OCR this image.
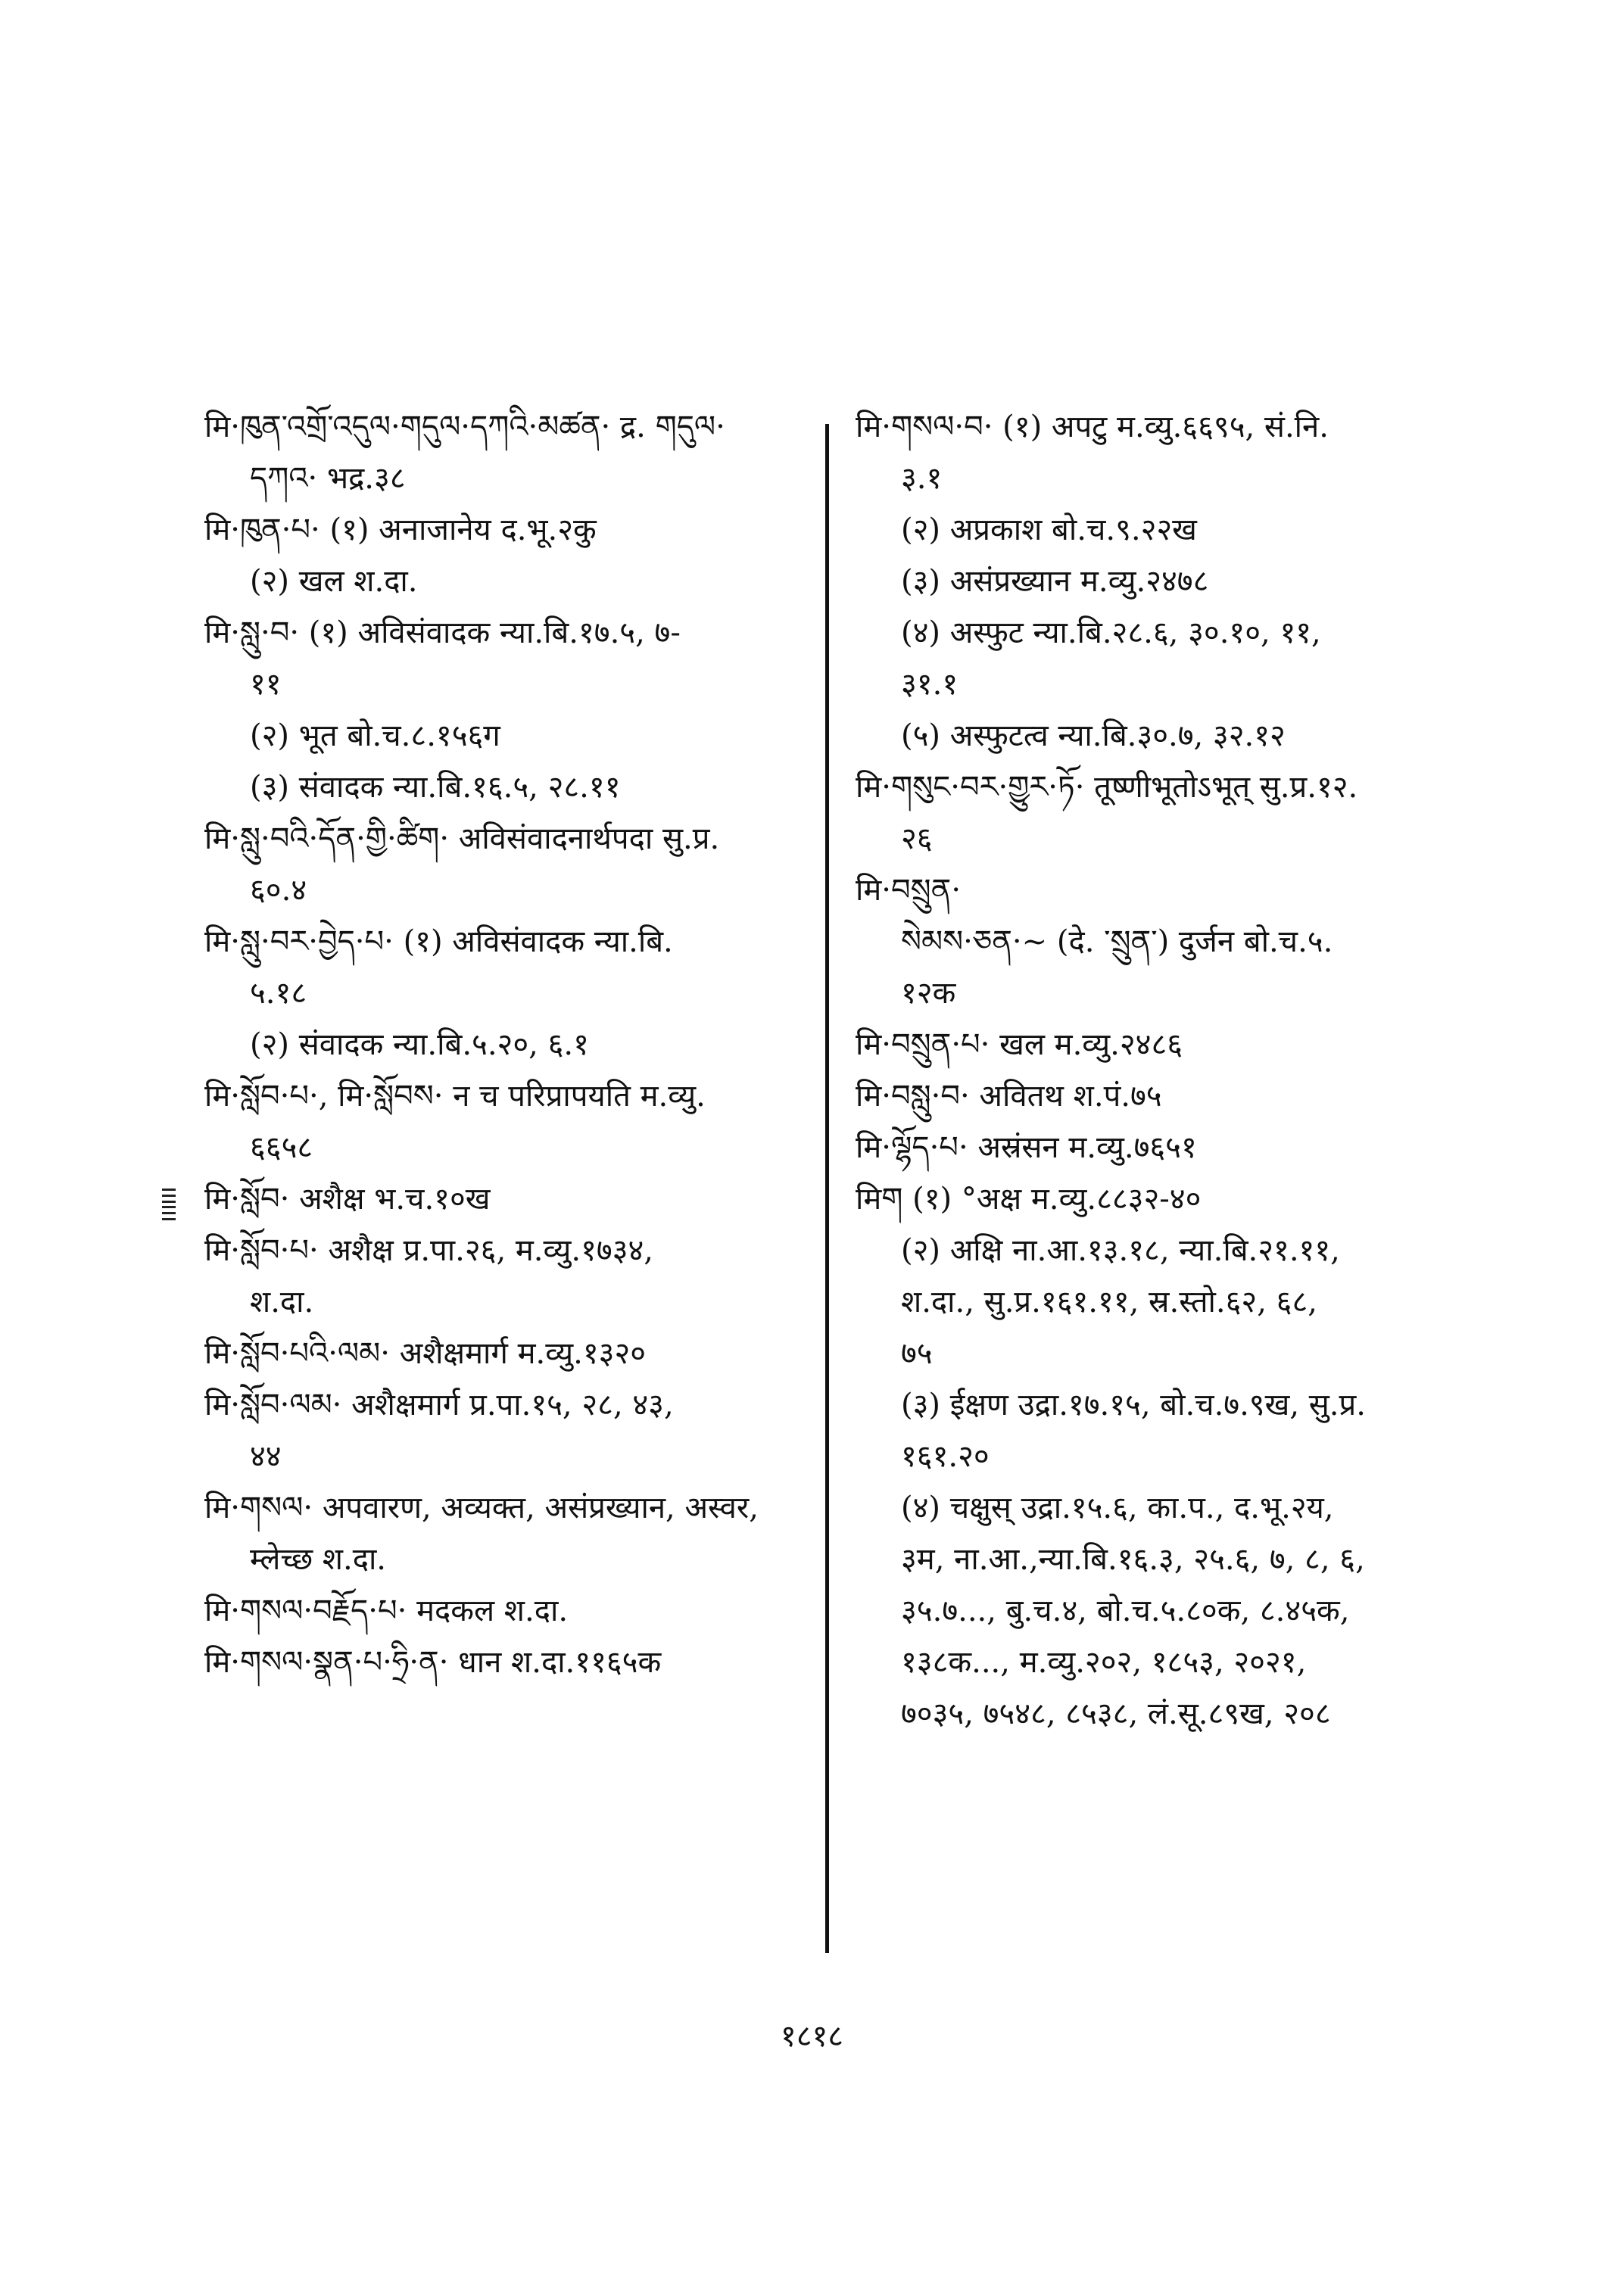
मि·ཁུན་འགྲོ་འདུལ·གདུལ·དཀའི·མཚན· द्र. གདུལ·
དཀའ· भद्र.३८
मि·ཁུན·པ· (१) अनाजानेय द.भू.२कु
(२) खल श.दा.
मि·སླུ·བ· (१) अविसंवादक न्या.बि.१७.५, ७-
११
(२) भूत बो.च.८.१५६ग
(३) संवादक न्या.बि.१६.५, २८.११
मि·སླུ·བའི·དོན·གྱི·ཚིག· अविसंवादनार्थपदा सु.प्र.
६०.४
मि·སླུ·བར·བྱེད·པ· (१) अविसंवादक न्या.बि.
५.१८
(२) संवादक न्या.बि.५.२०, ६.१
मि·སློབ·པ·, मि·སློབས· न च परिप्रापयति म.व्यु.
६६५८
मि·སློབ· अशैक्ष भ.च.१०ख
मि·སློབ·པ· अशैक्ष प्र.पा.२६, म.व्यु.१७३४,
श.दा.
मि·སློབ·པའི·ལམ· अशैक्षमार्ग म.व्यु.१३२०
मि·སློབ·ལམ· अशैक्षमार्ग प्र.पा.१५, २८, ४३,
४४
मि·གསལ· अपवारण, अव्यक्त, असंप्रख्यान, अस्वर,
म्लेच्छ श.दा.
मि·གསལ·བརྗོད·པ· मदकल श.दा.
मि·གསལ·སྣན·པ·ཧྲི·ན· धान श.दा.११६५क
मि·གསལ·བ· (१) अपटु म.व्यु.६६९५, सं.नि.
३.१
(२) अप्रकाश बो.च.९.२२ख
(३) असंप्रख्यान म.व्यु.२४७८
(४) अस्फुट न्या.बि.२८.६, ३०.१०, ११,
३१.१
(५) अस्फुटत्व न्या.बि.३०.७, ३२.१२
मि·གསུང·བར·གྱུར·ཏོ· तूष्णीभूतोऽभूत् सु.प्र.१२.
२६
मि·བསྲུན·
སེམས·ཅན·~ (दे. ་སྲུན་) दुर्जन बो.च.५.
१२क
मि·བསྲུན·པ· खल म.व्यु.२४८६
मि·བསླུ·བ· अवितथ श.पं.७५
मि·ལྷོད·པ· अस्रंसन म.व्यु.७६५१
मिག (१) °अक्ष म.व्यु.८८३२-४०
(२) अक्षि ना.आ.१३.१८, न्या.बि.२१.११,
श.दा., सु.प्र.१६१.११, स्र.स्तो.६२, ६८,
७५
(३) ईक्षण उद्रा.१७.१५, बो.च.७.९ख, सु.प्र.
१६१.२०
(४) चक्षुस् उद्रा.१५.६, का.प., द.भू.२य,
३म, ना.आ.,न्या.बि.१६.३, २५.६, ७, ८, ६,
३५.७..., बु.च.४, बो.च.५.८०क, ८.४५क,
१३८क..., म.व्यु.२०२, १८५३, २०२१,
७०३५, ७५४८, ८५३८, लं.सू.८९ख, २०८
१८१८
